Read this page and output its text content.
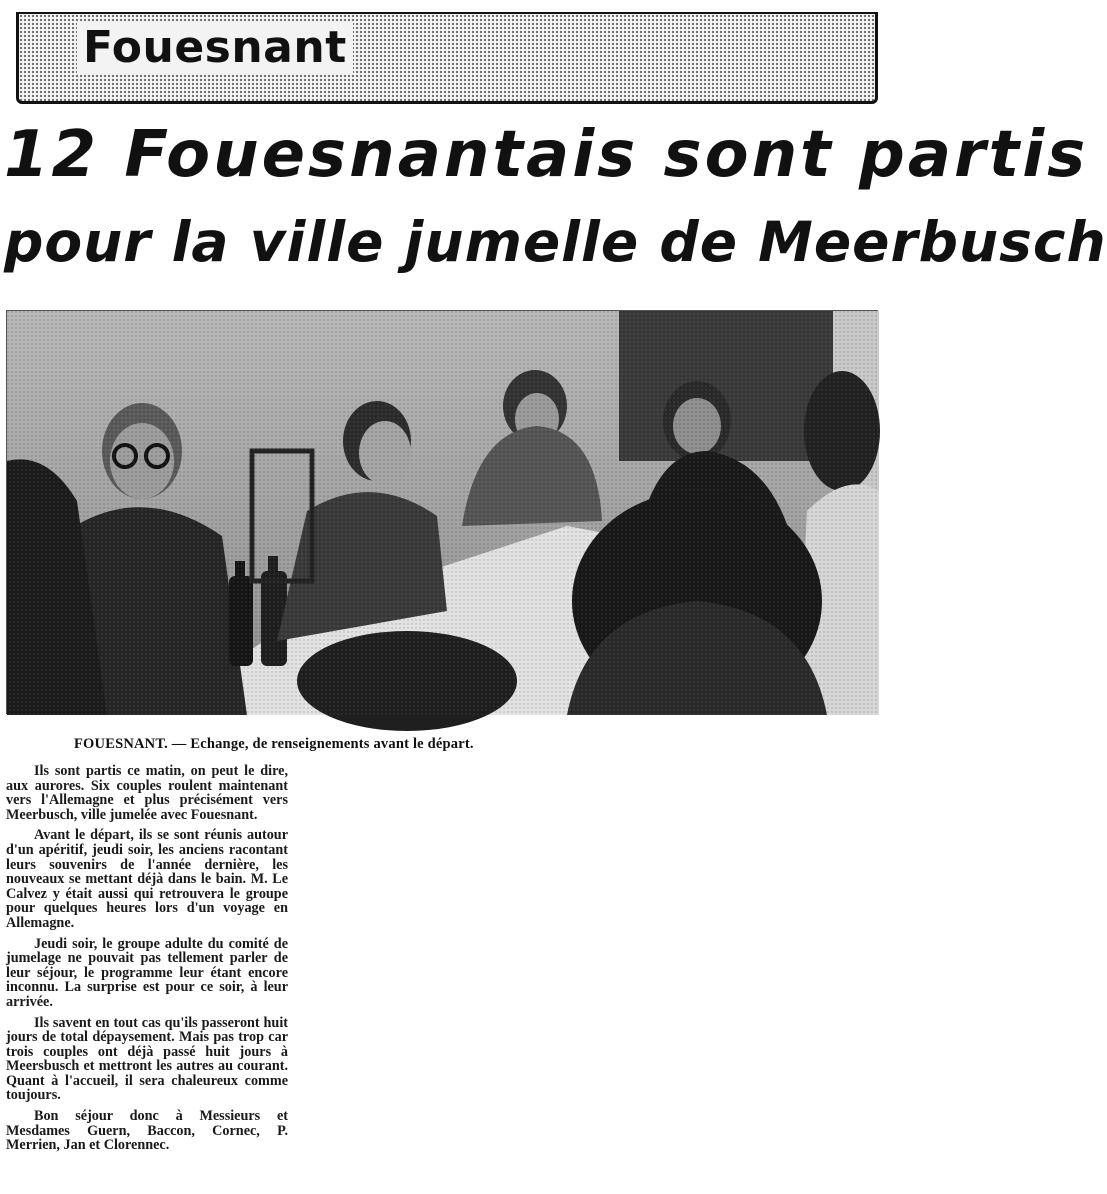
Fouesnant
12 Fouesnantais sont partis
pour la ville jumelle de Meerbusch
FOUESNANT. — Echange, de renseignements avant le départ.

Ils sont partis ce matin, on peut le dire, aux aurores. Six couples roulent maintenant vers l'Allemagne et plus précisément vers Meerbusch, ville jumelée avec Fouesnant.

Avant le départ, ils se sont réunis autour d'un apéritif, jeudi soir, les anciens racontant leurs souvenirs de l'année dernière, les nouveaux se mettant déjà dans le bain. M. Le Calvez y était aussi qui retrouvera le groupe pour quelques heures lors d'un voyage en Allemagne.

Jeudi soir, le groupe adulte du comité de jumelage ne pouvait pas tellement parler de leur séjour, le programme leur étant encore inconnu. La surprise est pour ce soir, à leur arrivée.

Ils savent en tout cas qu'ils passeront huit jours de total dépaysement. Mais pas trop car trois couples ont déjà passé huit jours à Meersbusch et mettront les autres au courant. Quant à l'accueil, il sera chaleureux comme toujours.

Bon séjour donc à Messieurs et Mesdames Guern, Baccon, Cornec, P. Merrien, Jan et Clorennec.
